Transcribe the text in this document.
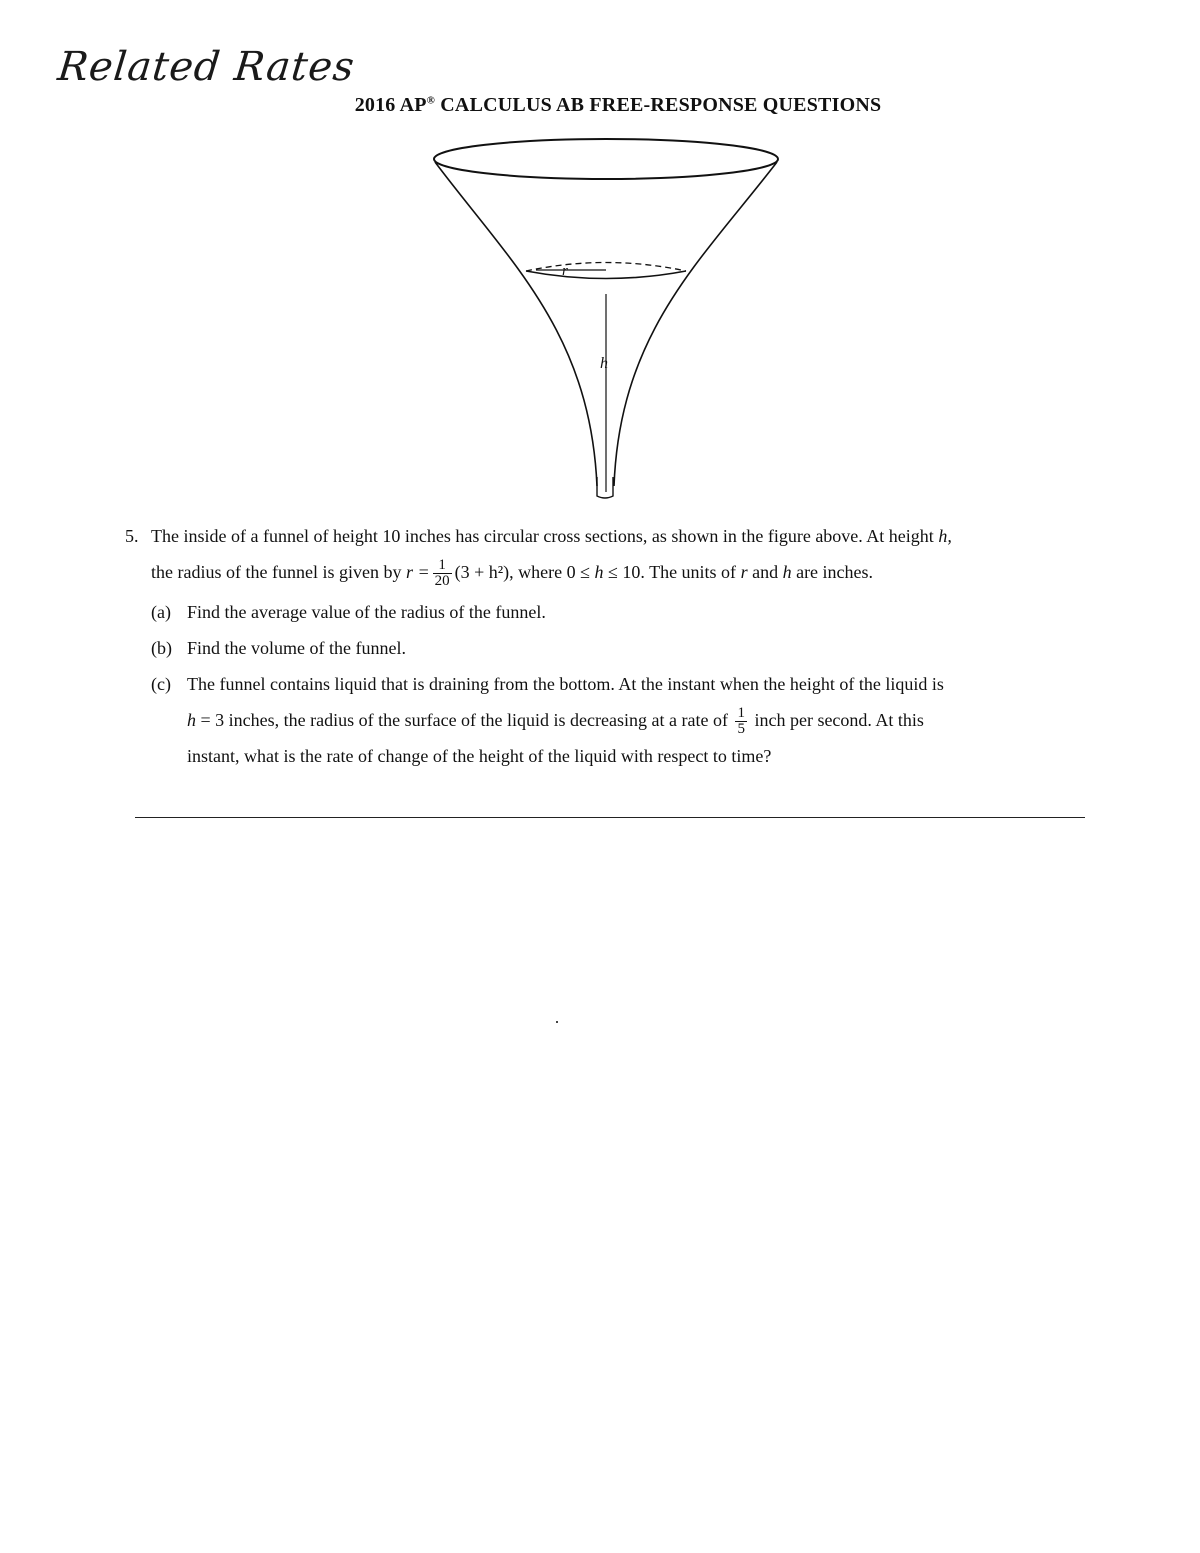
Related Rates
2016 AP® CALCULUS AB FREE-RESPONSE QUESTIONS
r
h
5. The inside of a funnel of height 10 inches has circular cross sections, as shown in the figure above. At height h,
the radius of the funnel is given by $r = \frac{1}{20} (3 + h^2)$, where 0 ≤ h ≤ 10. The units of r and h are inches.
(a) Find the average value of the radius of the funnel.
(b) Find the volume of the funnel.
(c) The funnel contains liquid that is draining from the bottom. At the instant when the height of the liquid is
h = 3 inches, the radius of the surface of the liquid is decreasing at a rate of $\frac{1}{5}$ inch per second. At this
instant, what is the rate of change of the height of the liquid with respect to time?
